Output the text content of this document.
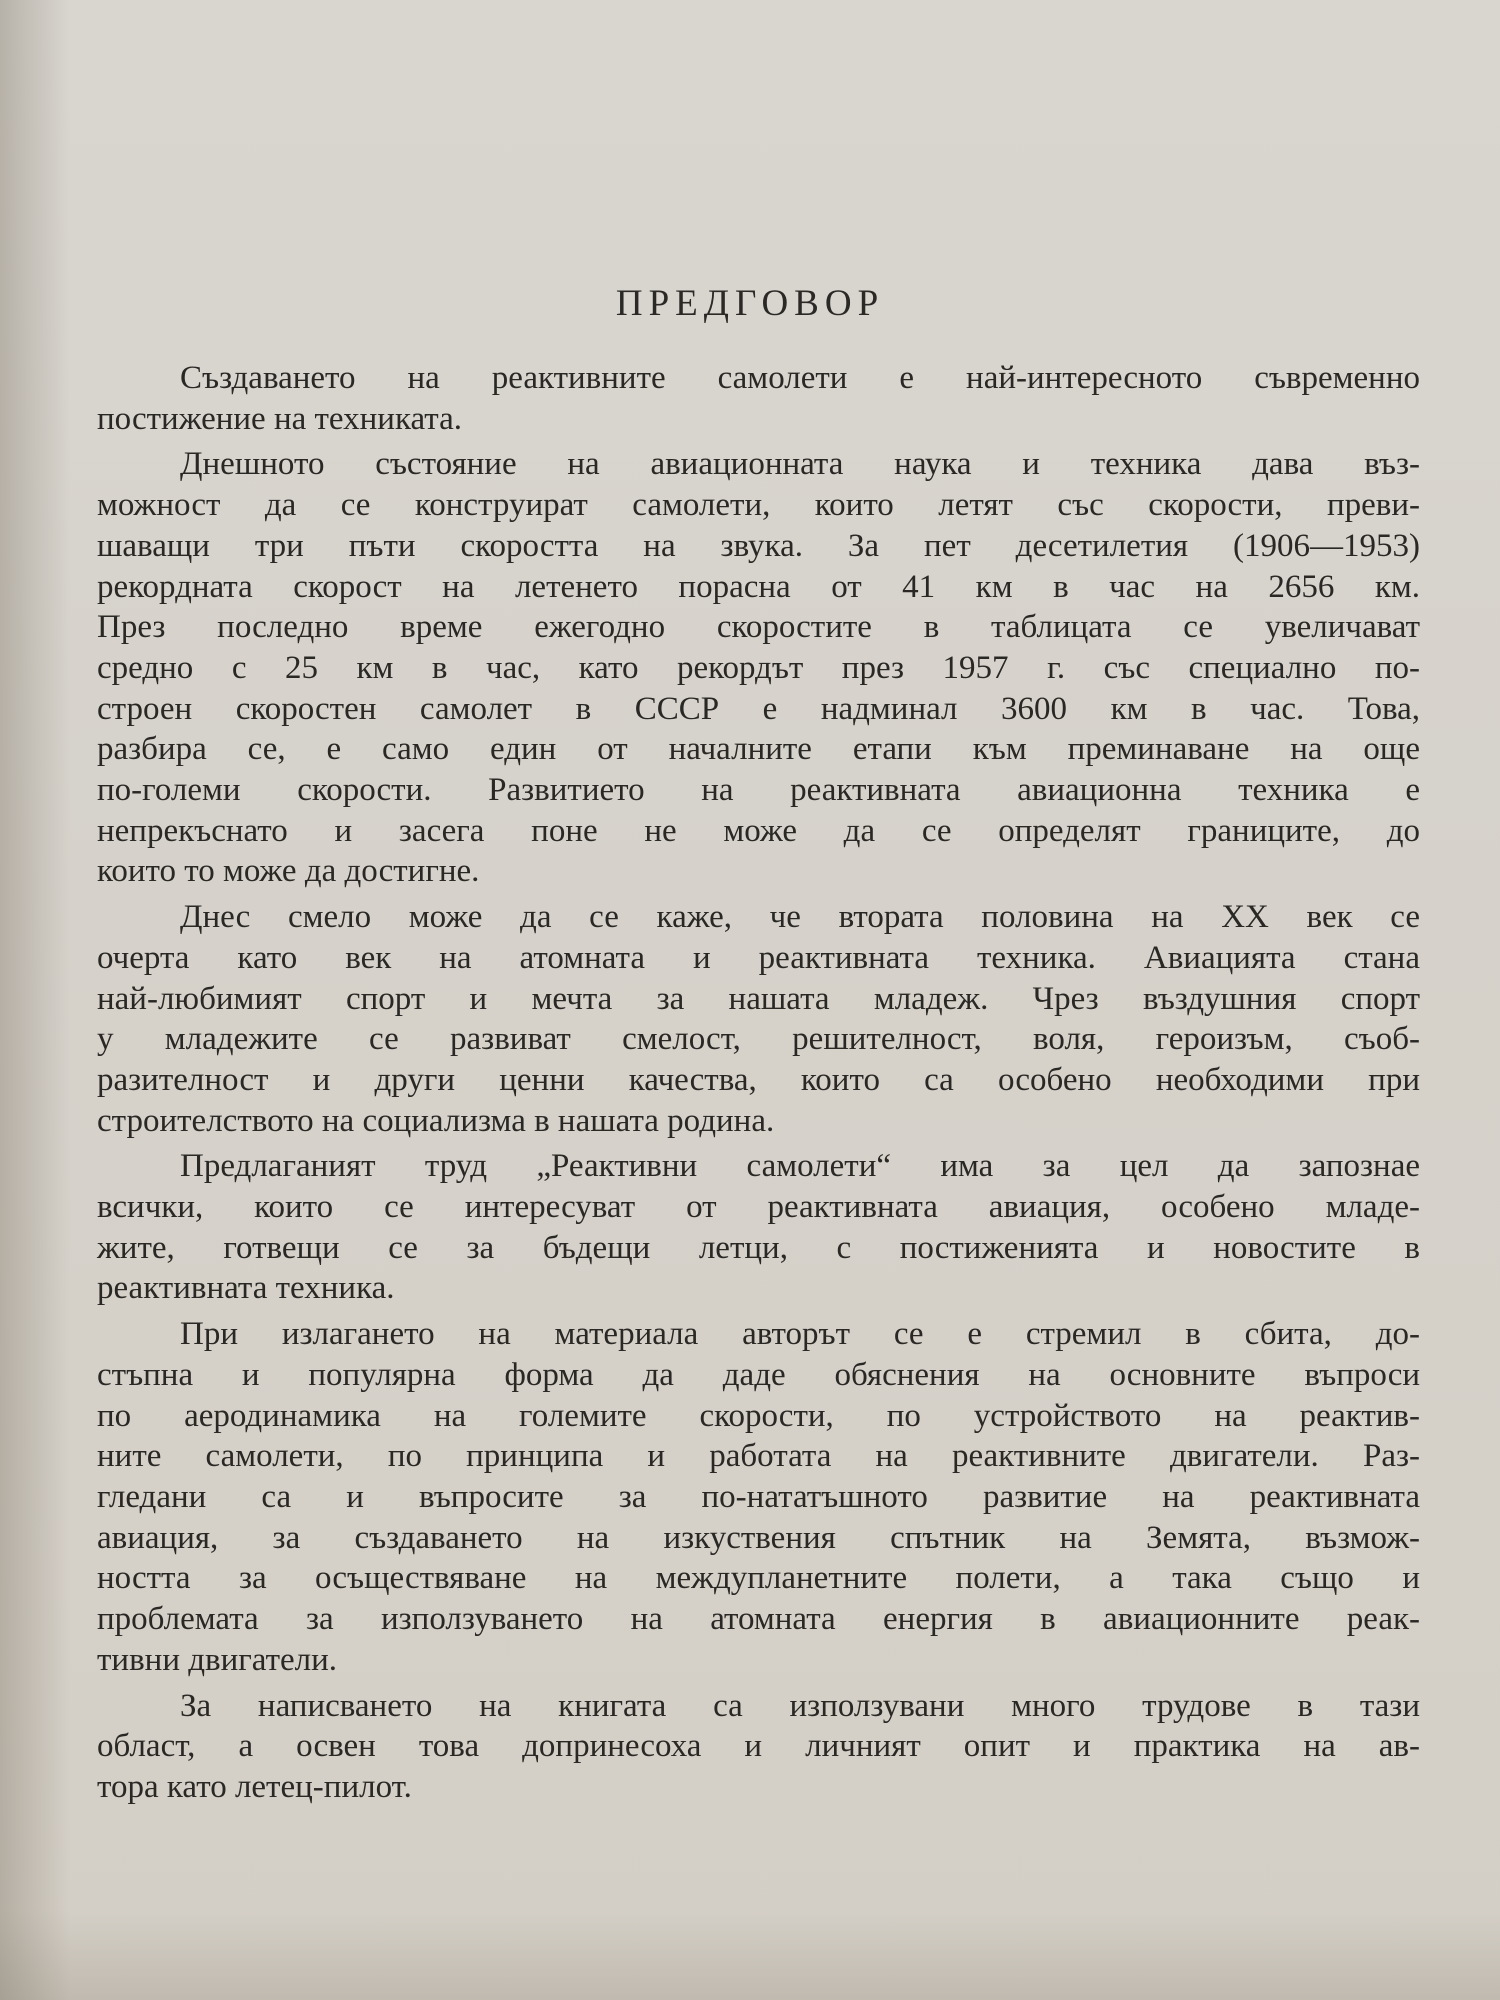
ПРЕДГОВОР
Създаването на реактивните самолети е най-интересното съвременно
постижение на техниката.
Днешното състояние на авиационната наука и техника дава въз-
можност да се конструират самолети, които летят със скорости, преви-
шаващи три пъти скоростта на звука. За пет десетилетия (1906—1953)
рекордната скорост на летенето порасна от 41 км в час на 2656 км.
През последно време ежегодно скоростите в таблицата се увеличават
средно с 25 км в час, като рекордът през 1957 г. със специално по-
строен скоростен самолет в СССР е надминал 3600 км в час. Това,
разбира се, е само един от началните етапи към преминаване на още
по-големи скорости. Развитието на реактивната авиационна техника е
непрекъснато и засега поне не може да се определят границите, до
които то може да достигне.
Днес смело може да се каже, че втората половина на XX век се
очерта като век на атомната и реактивната техника. Авиацията стана
най-любимият спорт и мечта за нашата младеж. Чрез въздушния спорт
у младежите се развиват смелост, решителност, воля, героизъм, съоб-
разителност и други ценни качества, които са особено необходими при
строителството на социализма в нашата родина.
Предлаганият труд „Реактивни самолети“ има за цел да запознае
всички, които се интересуват от реактивната авиация, особено младе-
жите, готвещи се за бъдещи летци, с постиженията и новостите в
реактивната техника.
При излагането на материала авторът се е стремил в сбита, до-
стъпна и популярна форма да даде обяснения на основните въпроси
по аеродинамика на големите скорости, по устройството на реактив-
ните самолети, по принципа и работата на реактивните двигатели. Раз-
гледани са и въпросите за по-нататъшното развитие на реактивната
авиация, за създаването на изкуствения спътник на Земята, възмож-
ността за осъществяване на междупланетните полети, а така също и
проблемата за използуването на атомната енергия в авиационните реак-
тивни двигатели.
За написването на книгата са използувани много трудове в тази
област, а освен това допринесоха и личният опит и практика на ав-
тора като летец-пилот.
